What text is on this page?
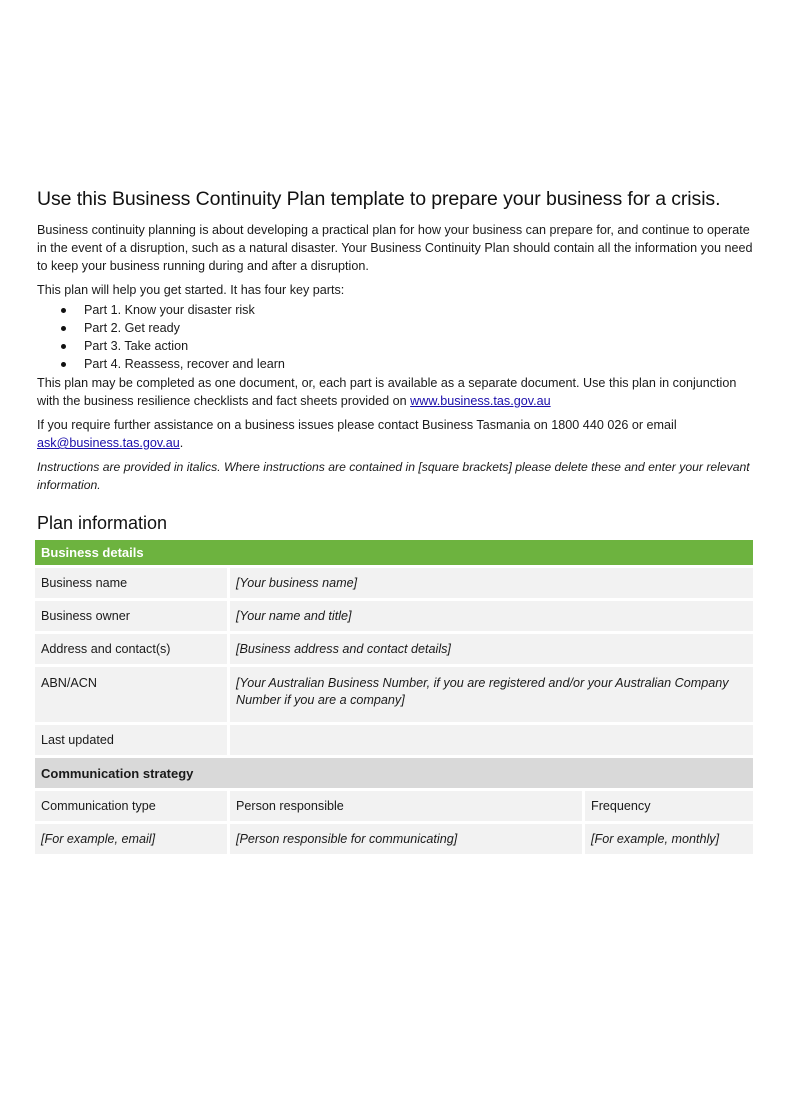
Use this Business Continuity Plan template to prepare your business for a crisis.

Business continuity planning is about developing a practical plan for how your business can prepare for, and continue to operate in the event of a disruption, such as a natural disaster. Your Business Continuity Plan should contain all the information you need to keep your business running during and after a disruption.

This plan will help you get started. It has four key parts:

Part 1. Know your disaster risk
Part 2. Get ready
Part 3. Take action
Part 4. Reassess, recover and learn

This plan may be completed as one document, or, each part is available as a separate document. Use this plan in conjunction with the business resilience checklists and fact sheets provided on www.business.tas.gov.au

If you require further assistance on a business issues please contact Business Tasmania on 1800 440 026 or email ask@business.tas.gov.au.

Instructions are provided in italics. Where instructions are contained in [square brackets] please delete these and enter your relevant information.

Plan information
Business details		
Business name	[Your business name]	
Business owner	[Your name and title]	
Address and contact(s)	[Business address and contact details]	
ABN/ACN	[Your Australian Business Number, if you are registered and/or your Australian Company Number if you are a company]	
Last updated		
Communication strategy		
Communication type	Person responsible	Frequency
[For example, email]	[Person responsible for communicating]	[For example, monthly]
